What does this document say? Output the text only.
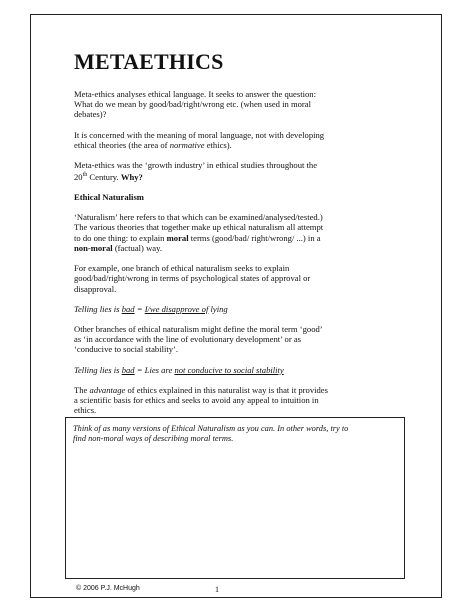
METAETHICS

Meta-ethics analyses ethical language. It seeks to answer the question: What do we mean by good/bad/right/wrong etc. (when used in moral debates)?

It is concerned with the meaning of moral language, not with developing ethical theories (the area of normative ethics).

Meta-ethics was the ‘growth industry’ in ethical studies throughout the 20th Century. Why?

Ethical Naturalism

‘Naturalism’ here refers to that which can be examined/analysed/tested.) The various theories that together make up ethical naturalism all attempt to do one thing: to explain moral terms (good/bad/ right/wrong/ ...) in a non-moral (factual) way.

For example, one branch of ethical naturalism seeks to explain good/bad/right/wrong in terms of psychological states of approval or disapproval.

Telling lies is bad = I/we disapprove of lying

Other branches of ethical naturalism might define the moral term ‘good’ as ‘in accordance with the line of evolutionary development’ or as ‘conducive to social stability’.

Telling lies is bad = Lies are not conducive to social stability

The advantage of ethics explained in this naturalist way is that it provides a scientific basis for ethics and seeks to avoid any appeal to intuition in ethics.

Think of as many versions of Ethical Naturalism as you can. In other words, try to find non-moral ways of describing moral terms.

© 2006 P.J. McHugh	1
